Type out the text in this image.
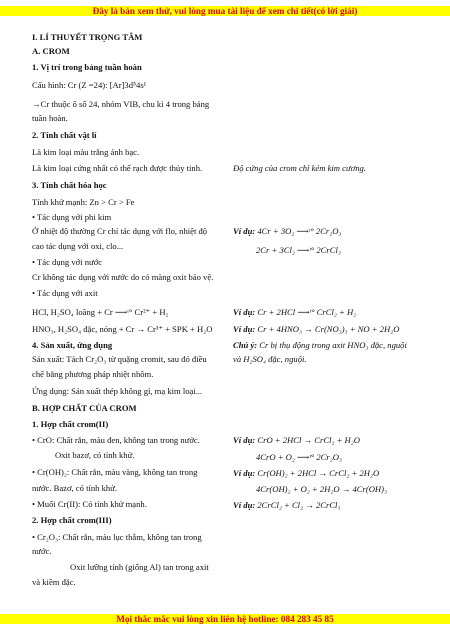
Đây là bản xem thử, vui lòng mua tài liệu để xem chi tiết(có lời giải)
I. LÍ THUYẾT TRỌNG TÂM
A. CROM
1. Vị trí trong bảng tuần hoàn
Cấu hình: Cr (Z =24): [Ar]3d⁵4s¹
→Cr thuộc ô số 24, nhóm VIB, chu kì 4 trong bảng
tuần hoàn.
2. Tính chất vật lí
Là kim loại màu trắng ánh bạc.
Là kim loại cứng nhất có thể rạch được thủy tinh.
3. Tính chất hóa học
Tính khử mạnh: Zn > Cr > Fe
• Tác dụng với phi kim
Ở nhiệt độ thường Cr chỉ tác dụng với flo, nhiệt độ
cao tác dụng với oxi, clo...
• Tác dụng với nước
Cr không tác dụng với nước do có màng oxit bảo vệ.
• Tác dụng với axit
HCl, H₂SO₄ loãng + Cr ⟶ᵗ° Cr²⁺ + H₂
HNO₃, H₂SO₄ đặc, nóng + Cr → Cr³⁺ + SPK + H₂O
4. Sản xuất, ứng dụng
Sản xuất: Tách Cr₂O₃ từ quặng cromit, sau đó điều
chế bằng phương pháp nhiệt nhôm.
Ứng dụng: Sản xuất thép không gỉ, mạ kim loại...
B. HỢP CHẤT CỦA CROM
1. Hợp chất crom(II)
• CrO: Chất rắn, màu đen, không tan trong nước.
Oxit bazơ, có tính khử.
• Cr(OH)₂: Chất rắn, màu vàng, không tan trong
nước. Bazơ, có tính khử.
• Muối Cr(II): Có tính khử mạnh.
2. Hợp chất crom(III)
• Cr₂O₃: Chất rắn, màu lục thẫm, không tan trong
nước.
Oxit lưỡng tính (giống Al) tan trong axit
và kiềm đặc.
Độ cứng của crom chỉ kém kim cương.
Ví dụ: 4Cr + 3O₂ ⟶ᵗ° 2Cr₂O₃
2Cr + 3Cl₂ ⟶ᵗ° 2CrCl₃
Ví dụ: Cr + 2HCl ⟶ᵗ° CrCl₂ + H₂
Ví dụ: Cr + 4HNO₃ → Cr(NO₃)₃ + NO + 2H₂O
Chú ý: Cr bị thụ động trong axit HNO₃ đặc, nguội
và H₂SO₄ đặc, nguội.
Ví dụ: CrO + 2HCl → CrCl₂ + H₂O
4CrO + O₂ ⟶ᵗ° 2Cr₂O₃
Ví dụ: Cr(OH)₂ + 2HCl → CrCl₂ + 2H₂O
4Cr(OH)₂ + O₂ + 2H₂O → 4Cr(OH)₃
Ví dụ: 2CrCl₂ + Cl₂ → 2CrCl₃
Mọi thắc mắc vui lòng xin liên hệ hotline: 084 283 45 85
